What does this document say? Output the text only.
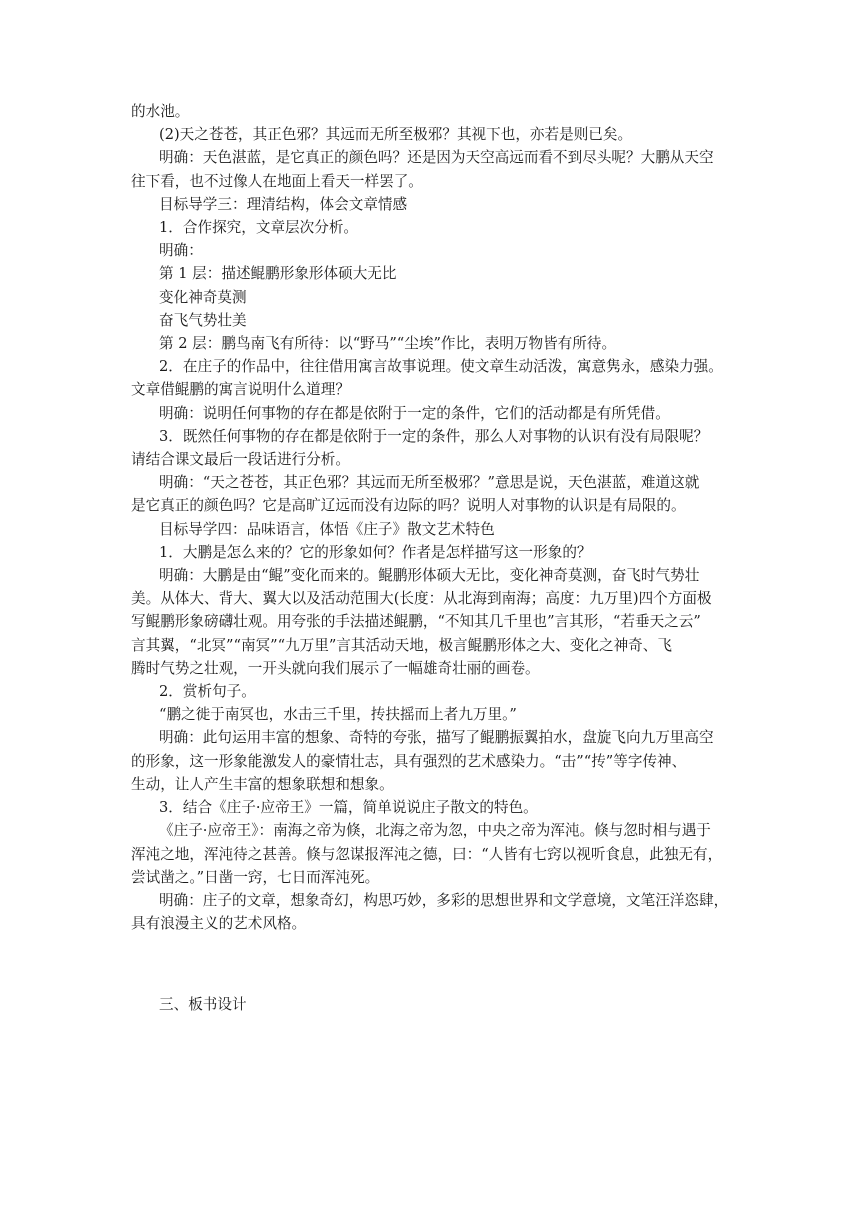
的水池。
(2)天之苍苍，其正色邪？其远而无所至极邪？其视下也，亦若是则已矣。
明确：天色湛蓝，是它真正的颜色吗？还是因为天空高远而看不到尽头呢？大鹏从天空
往下看，也不过像人在地面上看天一样罢了。
目标导学三：理清结构，体会文章情感
1．合作探究，文章层次分析。
明确：
第 1 层：描述鲲鹏形象形体硕大无比
变化神奇莫测
奋飞气势壮美
第 2 层：鹏鸟南飞有所待：以“野马”“尘埃”作比，表明万物皆有所待。
2．在庄子的作品中，往往借用寓言故事说理。使文章生动活泼，寓意隽永，感染力强。
文章借鲲鹏的寓言说明什么道理？
明确：说明任何事物的存在都是依附于一定的条件，它们的活动都是有所凭借。
3．既然任何事物的存在都是依附于一定的条件，那么人对事物的认识有没有局限呢？
请结合课文最后一段话进行分析。
明确：“天之苍苍，其正色邪？其远而无所至极邪？”意思是说，天色湛蓝，难道这就
是它真正的颜色吗？它是高旷辽远而没有边际的吗？说明人对事物的认识是有局限的。
目标导学四：品味语言，体悟《庄子》散文艺术特色
1．大鹏是怎么来的？它的形象如何？作者是怎样描写这一形象的？
明确：大鹏是由“鲲”变化而来的。鲲鹏形体硕大无比，变化神奇莫测，奋飞时气势壮
美。从体大、背大、翼大以及活动范围大(长度：从北海到南海；高度：九万里)四个方面极
写鲲鹏形象磅礴壮观。用夸张的手法描述鲲鹏，“不知其几千里也”言其形，“若垂天之云”
言其翼，“北冥”“南冥”“九万里”言其活动天地，极言鲲鹏形体之大、变化之神奇、飞
腾时气势之壮观，一开头就向我们展示了一幅雄奇壮丽的画卷。
2．赏析句子。
“鹏之徙于南冥也，水击三千里，抟扶摇而上者九万里。”
明确：此句运用丰富的想象、奇特的夸张，描写了鲲鹏振翼拍水，盘旋飞向九万里高空
的形象，这一形象能激发人的豪情壮志，具有强烈的艺术感染力。“击”“抟”等字传神、
生动，让人产生丰富的想象联想和想象。
3．结合《庄子·应帝王》一篇，简单说说庄子散文的特色。
《庄子·应帝王》：南海之帝为倏，北海之帝为忽，中央之帝为浑沌。倏与忽时相与遇于
浑沌之地，浑沌待之甚善。倏与忽谋报浑沌之德，曰：“人皆有七窍以视听食息，此独无有，
尝试凿之。”日凿一窍，七日而浑沌死。
明确：庄子的文章，想象奇幻，构思巧妙，多彩的思想世界和文学意境，文笔汪洋恣肆，
具有浪漫主义的艺术风格。
三、板书设计
